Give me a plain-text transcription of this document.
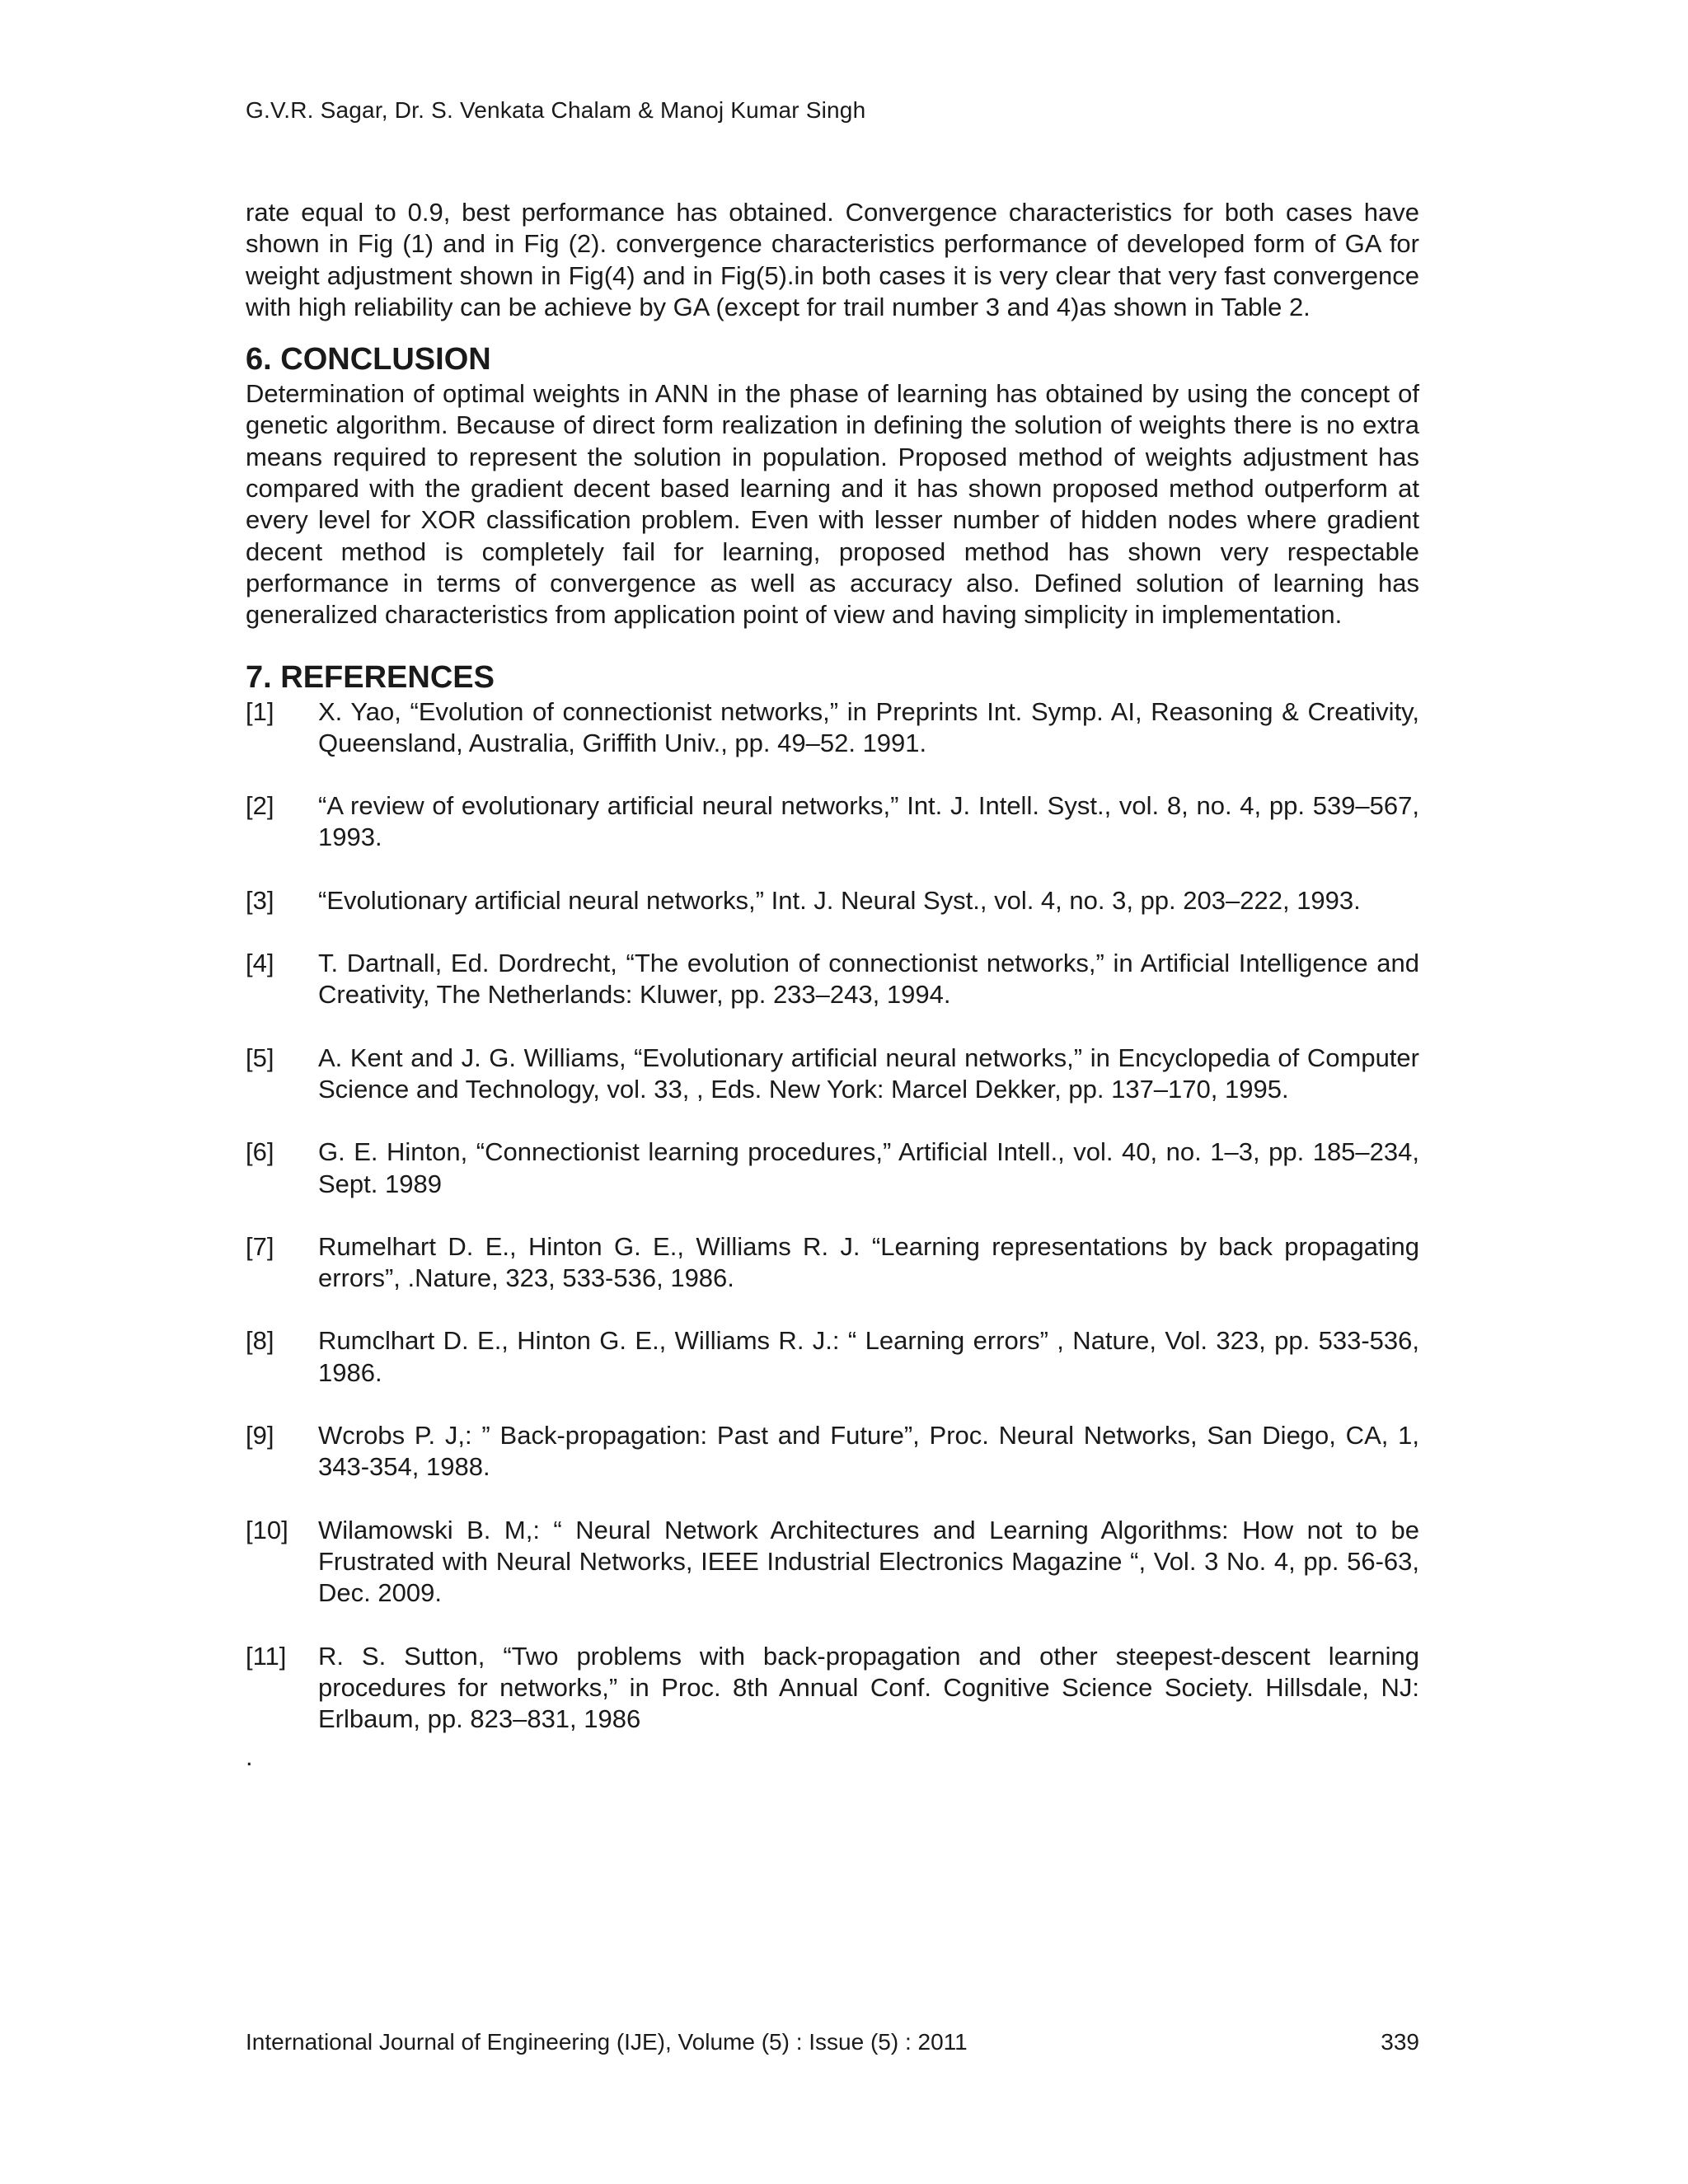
G.V.R. Sagar, Dr. S. Venkata Chalam & Manoj Kumar Singh

rate equal to 0.9, best performance has obtained. Convergence characteristics for both cases have shown in Fig (1) and in Fig (2). convergence characteristics performance of developed form of GA for weight adjustment shown in Fig(4) and in Fig(5).in both cases it is very clear that very fast convergence with high reliability can be achieve by GA (except for trail number 3 and 4)as shown in Table 2.

6. CONCLUSION

Determination of optimal weights in ANN in the phase of learning has obtained by using the concept of genetic algorithm. Because of direct form realization in defining the solution of weights there is no extra means required to represent the solution in population. Proposed method of weights adjustment has compared with the gradient decent based learning and it has shown proposed method outperform at every level for XOR classification problem. Even with lesser number of hidden nodes where gradient decent method is completely fail for learning, proposed method has shown very respectable performance in terms of convergence as well as accuracy also. Defined solution of learning has generalized characteristics from application point of view and having simplicity in implementation.

7. REFERENCES
[1]	X. Yao, “Evolution of connectionist networks,” in Preprints Int. Symp. AI, Reasoning & Creativity, Queensland, Australia, Griffith Univ., pp. 49–52. 1991.
[2]	“A review of evolutionary artificial neural networks,” Int. J. Intell. Syst., vol. 8, no. 4, pp. 539–567, 1993.
[3]	“Evolutionary artificial neural networks,” Int. J. Neural Syst., vol. 4, no. 3, pp. 203–222, 1993.
[4]	T. Dartnall, Ed. Dordrecht, “The evolution of connectionist networks,” in Artificial Intelligence and Creativity, The Netherlands: Kluwer, pp. 233–243, 1994.
[5]	A. Kent and J. G. Williams, “Evolutionary artificial neural networks,” in Encyclopedia of Computer Science and Technology, vol. 33, , Eds. New York: Marcel Dekker, pp. 137–170, 1995.
[6]	G. E. Hinton, “Connectionist learning procedures,” Artificial Intell., vol. 40, no. 1–3, pp. 185–234, Sept. 1989
[7]	Rumelhart D. E., Hinton G. E., Williams R. J. “Learning representations by back propagating errors”, .Nature, 323, 533-536, 1986.
[8]	Rumclhart D. E., Hinton G. E., Williams R. J.: “ Learning errors” , Nature, Vol. 323, pp. 533-536, 1986.
[9]	Wcrobs P. J,: ” Back-propagation: Past and Future”, Proc. Neural Networks, San Diego, CA, 1, 343-354, 1988.
[10]	Wilamowski B. M,: “ Neural Network Architectures and Learning Algorithms: How not to be Frustrated with Neural Networks, IEEE Industrial Electronics Magazine “, Vol. 3 No. 4, pp. 56-63, Dec. 2009.
[11]	R. S. Sutton, “Two problems with back-propagation and other steepest-descent learning procedures for networks,” in Proc. 8th Annual Conf. Cognitive Science Society. Hillsdale, NJ: Erlbaum, pp. 823–831, 1986

.

International Journal of Engineering (IJE), Volume (5) : Issue (5) : 2011	339
